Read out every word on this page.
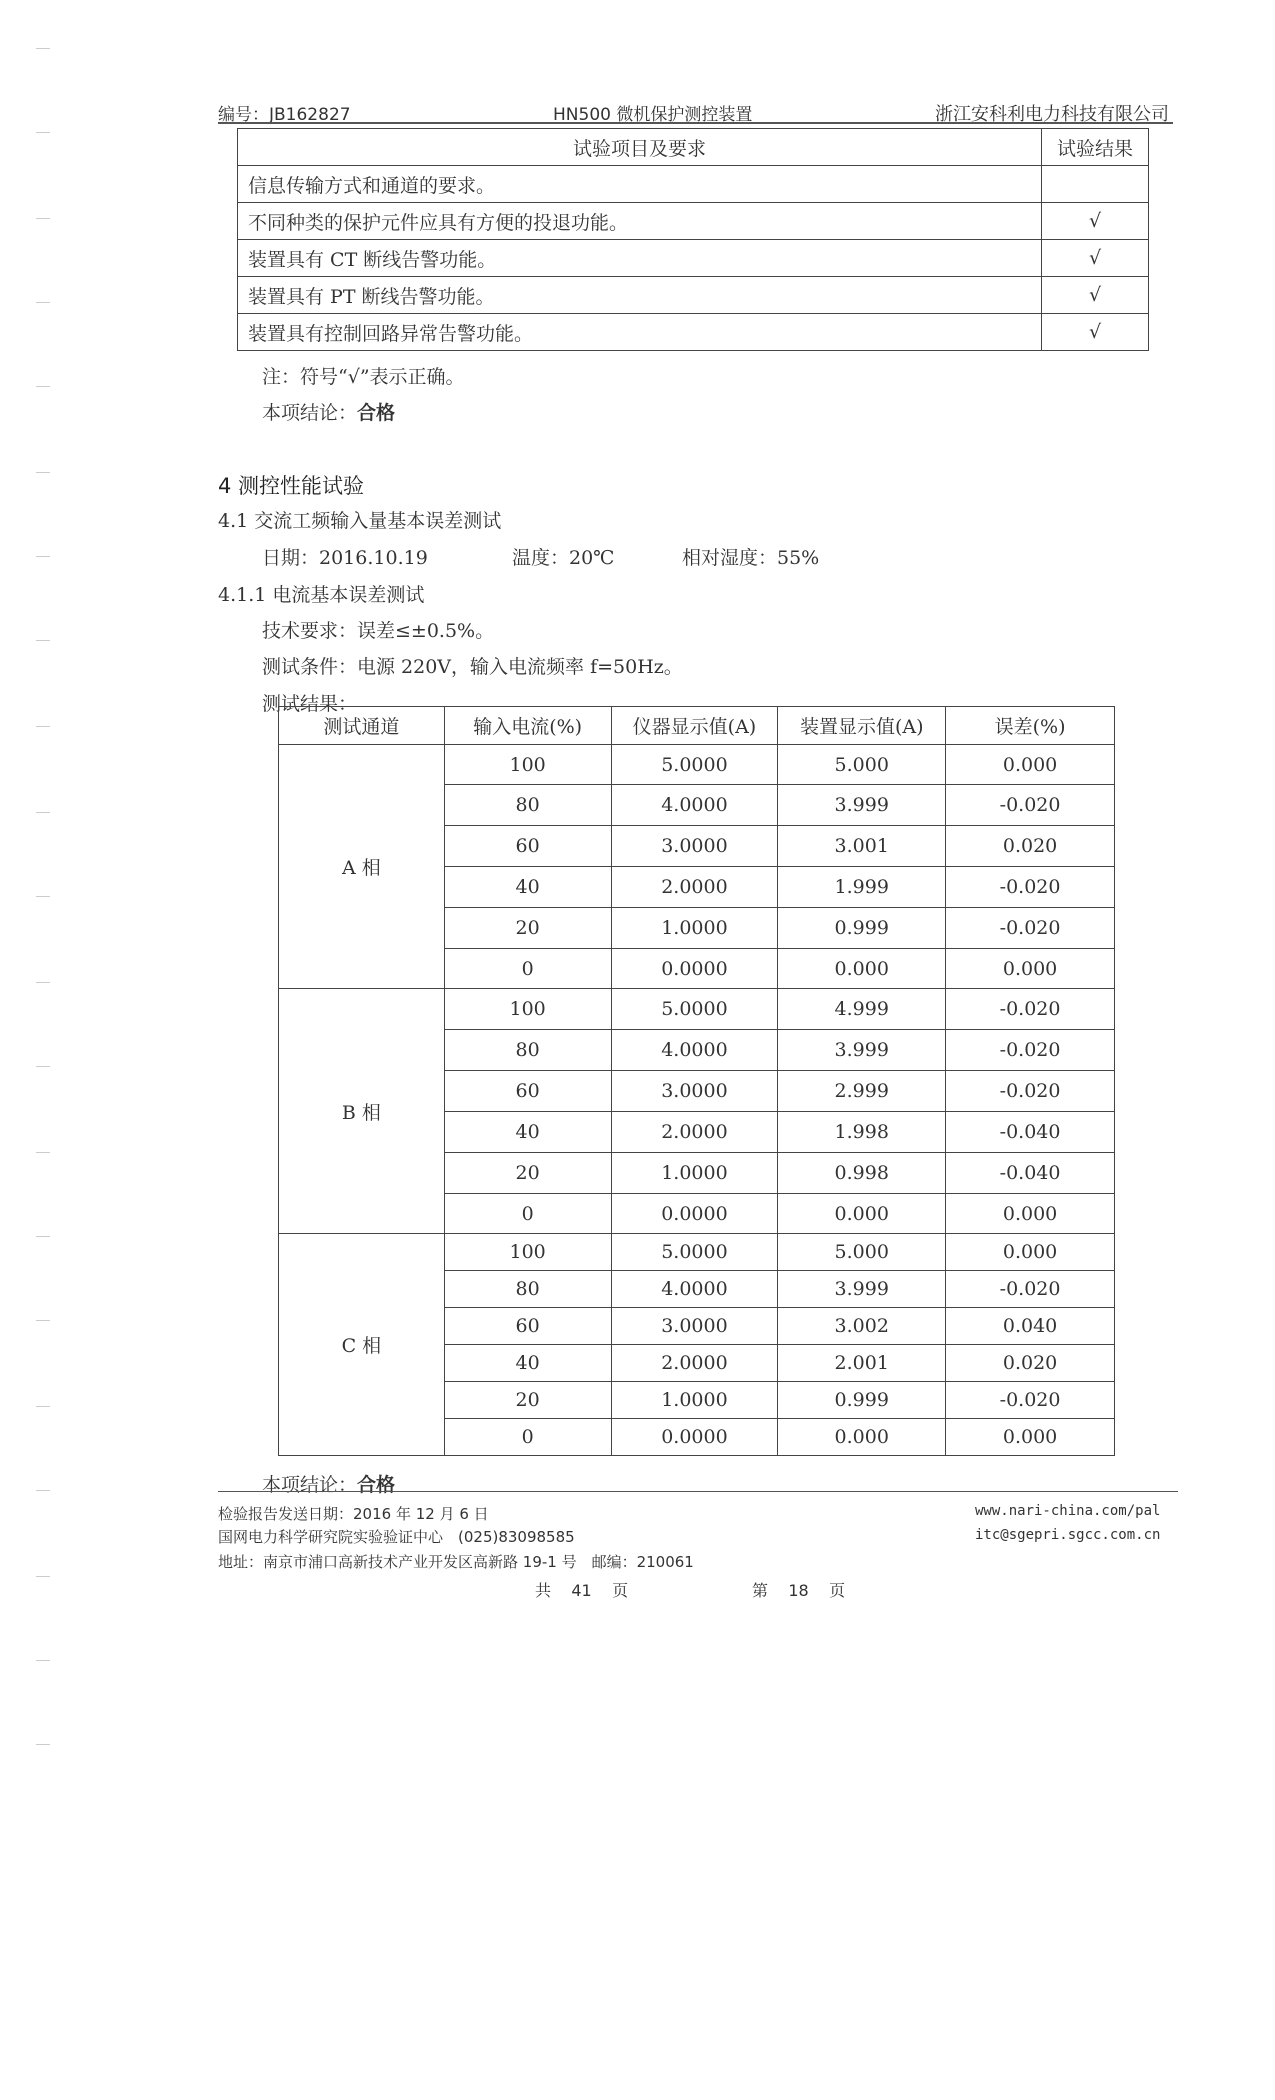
编号：JB162827	HN500 微机保护测控装置	浙江安科利电力科技有限公司
试验项目及要求	试验结果
信息传输方式和通道的要求。	
不同种类的保护元件应具有方便的投退功能。	√
装置具有 CT 断线告警功能。	√
装置具有 PT 断线告警功能。	√
装置具有控制回路异常告警功能。	√
注：符号“√”表示正确。
本项结论：合格
4 测控性能试验
4.1 交流工频输入量基本误差测试
日期：2016.10.19	温度：20℃	相对湿度：55%
4.1.1 电流基本误差测试
技术要求：误差≤±0.5%。
测试条件：电源 220V，输入电流频率 f=50Hz。
测试结果：
测试通道	输入电流(%)	仪器显示值(A)	装置显示值(A)	误差(%)
A 相	100	5.0000	5.000	0.000
	80	4.0000	3.999	-0.020
	60	3.0000	3.001	0.020
	40	2.0000	1.999	-0.020
	20	1.0000	0.999	-0.020
	0	0.0000	0.000	0.000
B 相	100	5.0000	4.999	-0.020
	80	4.0000	3.999	-0.020
	60	3.0000	2.999	-0.020
	40	2.0000	1.998	-0.040
	20	1.0000	0.998	-0.040
	0	0.0000	0.000	0.000
C 相	100	5.0000	5.000	0.000
	80	4.0000	3.999	-0.020
	60	3.0000	3.002	0.040
	40	2.0000	2.001	0.020
	20	1.0000	0.999	-0.020
	0	0.0000	0.000	0.000
本项结论：合格
检验报告发送日期：2016 年 12 月 6 日
国网电力科学研究院实验验证中心　(025)83098585
地址：南京市浦口高新技术产业开发区高新路 19-1 号　邮编：210061
www.nari-china.com/pal
itc@sgepri.sgcc.com.cn
共 41 页	第 18 页
